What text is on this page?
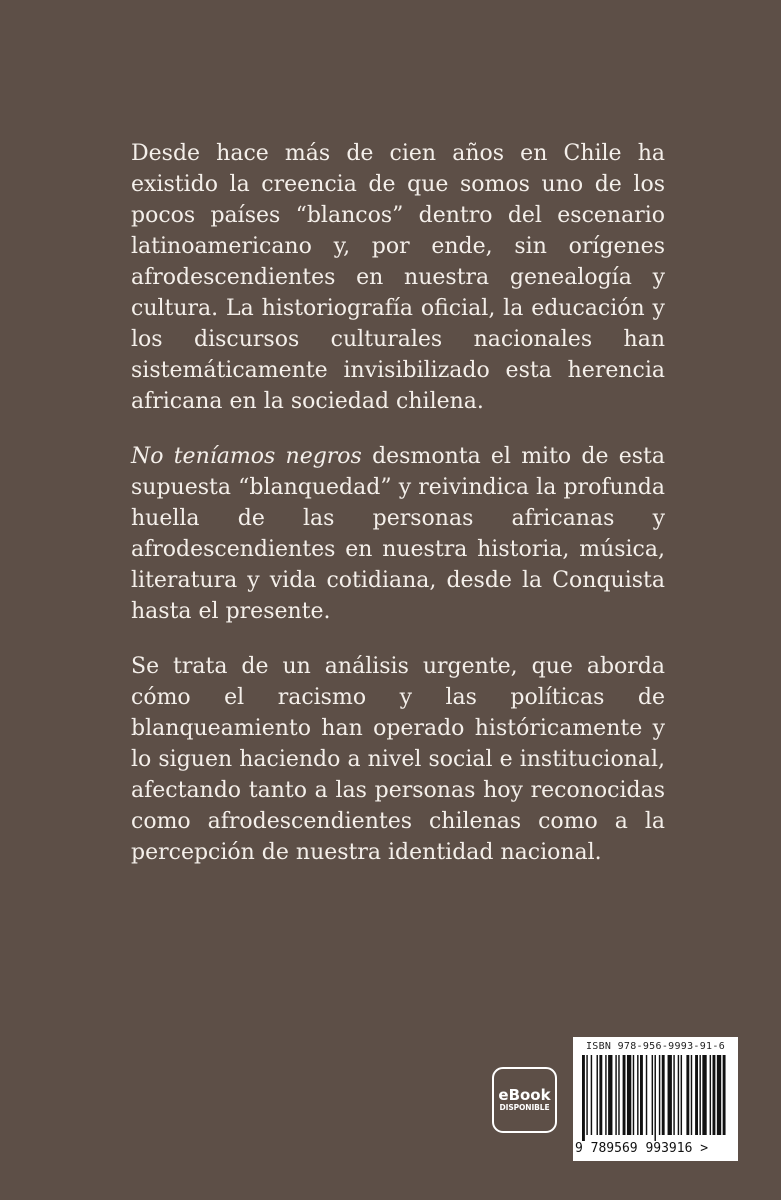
Desde hace más de cien años en Chile ha existido la creencia de que somos uno de los pocos países “blancos” dentro del escenario latinoamericano y, por ende, sin orígenes afrodescendientes en nuestra genealogía y cultura. La historiografía oficial, la educación y los discursos culturales nacionales han sistemáticamente invisibilizado esta herencia africana en la sociedad chilena.

No teníamos negros desmonta el mito de esta supuesta “blanquedad” y reivindica la profunda huella de las personas africanas y afrodescendientes en nuestra historia, música, literatura y vida cotidiana, desde la Conquista hasta el presente.

Se trata de un análisis urgente, que aborda cómo el racismo y las políticas de blanqueamiento han operado históricamente y lo siguen haciendo a nivel social e institucional, afectando tanto a las personas hoy reconocidas como afrodescendientes chilenas como a la percepción de nuestra identidad nacional.

eBook
DISPONIBLE
ISBN 978-956-9993-91-6
9 789569 993916 >
